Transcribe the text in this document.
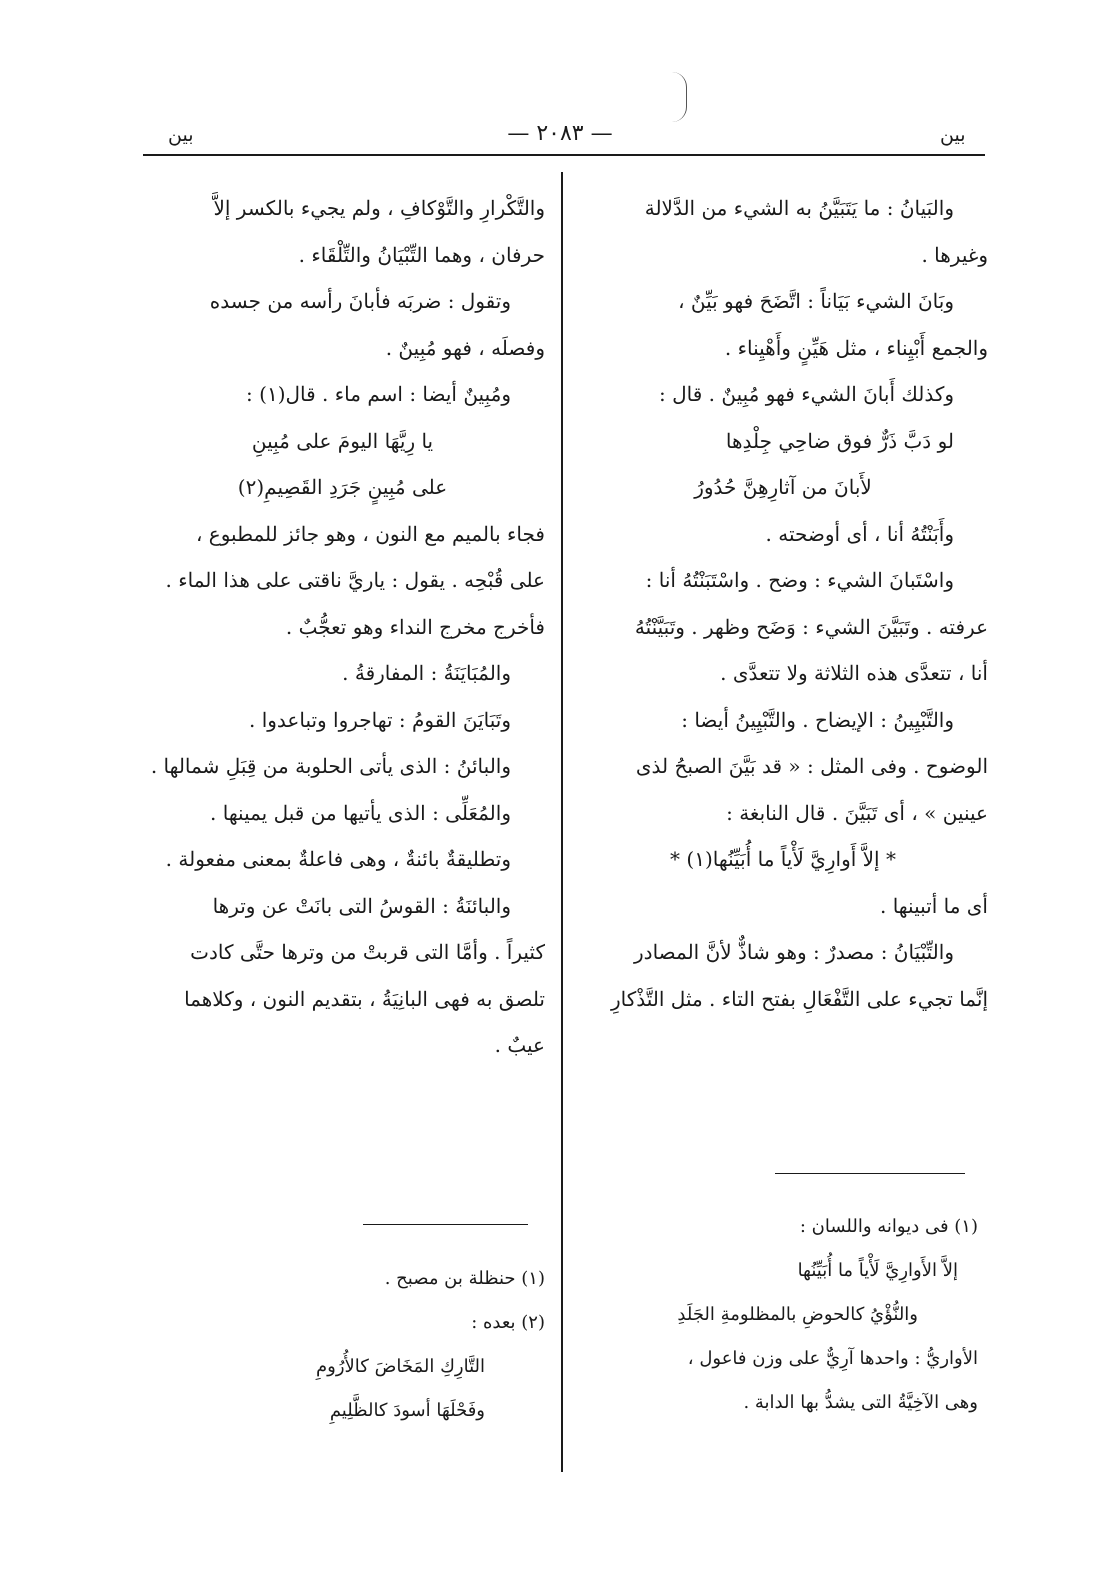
بين
— ٢٠٨٣ —
بين
والبَيانُ : ما يَتَبَيَّنُ به الشيء من الدَّلالة
وغيرها .
وبَانَ الشيء بَيَاناً : اتَّضَحَ فهو بَيِّنٌ ،
والجمع أَبْيِناء ، مثل هَيِّنٍ وأَهْيِناء .
وكذلك أَبانَ الشيء فهو مُبِينٌ . قال :
لو دَبَّ ذَرٌّ فوق ضاحِي جِلْدِها
لأَبانَ من آثارِهِنَّ حُدُورُ
وأَبَنْتُهُ أنا ، أى أوضحته .
واسْتَبانَ الشيء : وضح . واسْتَبَنْتُهُ أنا :
عرفته . وتَبَيَّنَ الشيء : وَضَح وظهر . وتَبَيَّنْتُهُ
أنا ، تتعدَّى هذه الثلاثة ولا تتعدَّى .
والتَّبْيِينُ : الإيضاح . والتَّبْيِينُ أيضا :
الوضوح . وفى المثل : « قد بَيَّنَ الصبحُ لذى
عينين » ، أى تَبَيَّنَ . قال النابغة :
* إلاَّ أَوارِيَّ لَأْياً ما أُبَيِّنُها(١) *
أى ما أتبينها .
والتِّبْيَانُ : مصدرٌ : وهو شاذٌّ لأنَّ المصادر
إنَّما تجيء على التَّفْعَالِ بفتح التاء . مثل التَّذْكارِ
(١) فى ديوانه واللسان :
إلاَّ الأَوارِيَّ لَأْياً ما أُبَيِّنُها
والنُّؤْيُ كالحوضِ بالمظلومةِ الجَلَدِ
الأواريُّ : واحدها آرِيٌّ على وزن فاعول ،
وهى الآخِيَّةُ التى يشدُّ بها الدابة .
والتَّكْرارِ والتَّوْكافِ ، ولم يجيء بالكسر إلاَّ
حرفان ، وهما التِّبْيَانُ والتِّلْقَاء .
وتقول : ضربَه فأبانَ رأسه من جسده
وفصلَه ، فهو مُبِينٌ .
ومُبِينٌ أيضا : اسم ماء . قال(١) :
يا رِيَّهَا اليومَ على مُبِينِ
على مُبِينٍ جَرَدِ القَصِيمِ(٢)
فجاء بالميم مع النون ، وهو جائز للمطبوع ،
على قُبْحِه . يقول : ياريَّ ناقتى على هذا الماء .
فأخرج مخرج النداء وهو تعجُّبٌ .
والمُبَايَنَةُ : المفارقةُ .
وتَبَايَنَ القومُ : تهاجروا وتباعدوا .
والبائنُ : الذى يأتى الحلوبة من قِبَلِ شمالها .
والمُعَلِّى : الذى يأتيها من قبل يمينها .
وتطليقةٌ بائنةٌ ، وهى فاعلةٌ بمعنى مفعولة .
والبائنَةُ : القوسُ التى بانَتْ عن وترها
كثيراً . وأمَّا التى قربتْ من وترها حتَّى كادت
تلصق به فهى البانِيَةُ ، بتقديم النون ، وكلاهما
عيبٌ .
(١) حنظلة بن مصبح .
(٢) بعده :
التَّارِكِ المَخَاضَ كالأُرُومِ
وفَحْلَهَا أسودَ كالظَّلِيمِ
